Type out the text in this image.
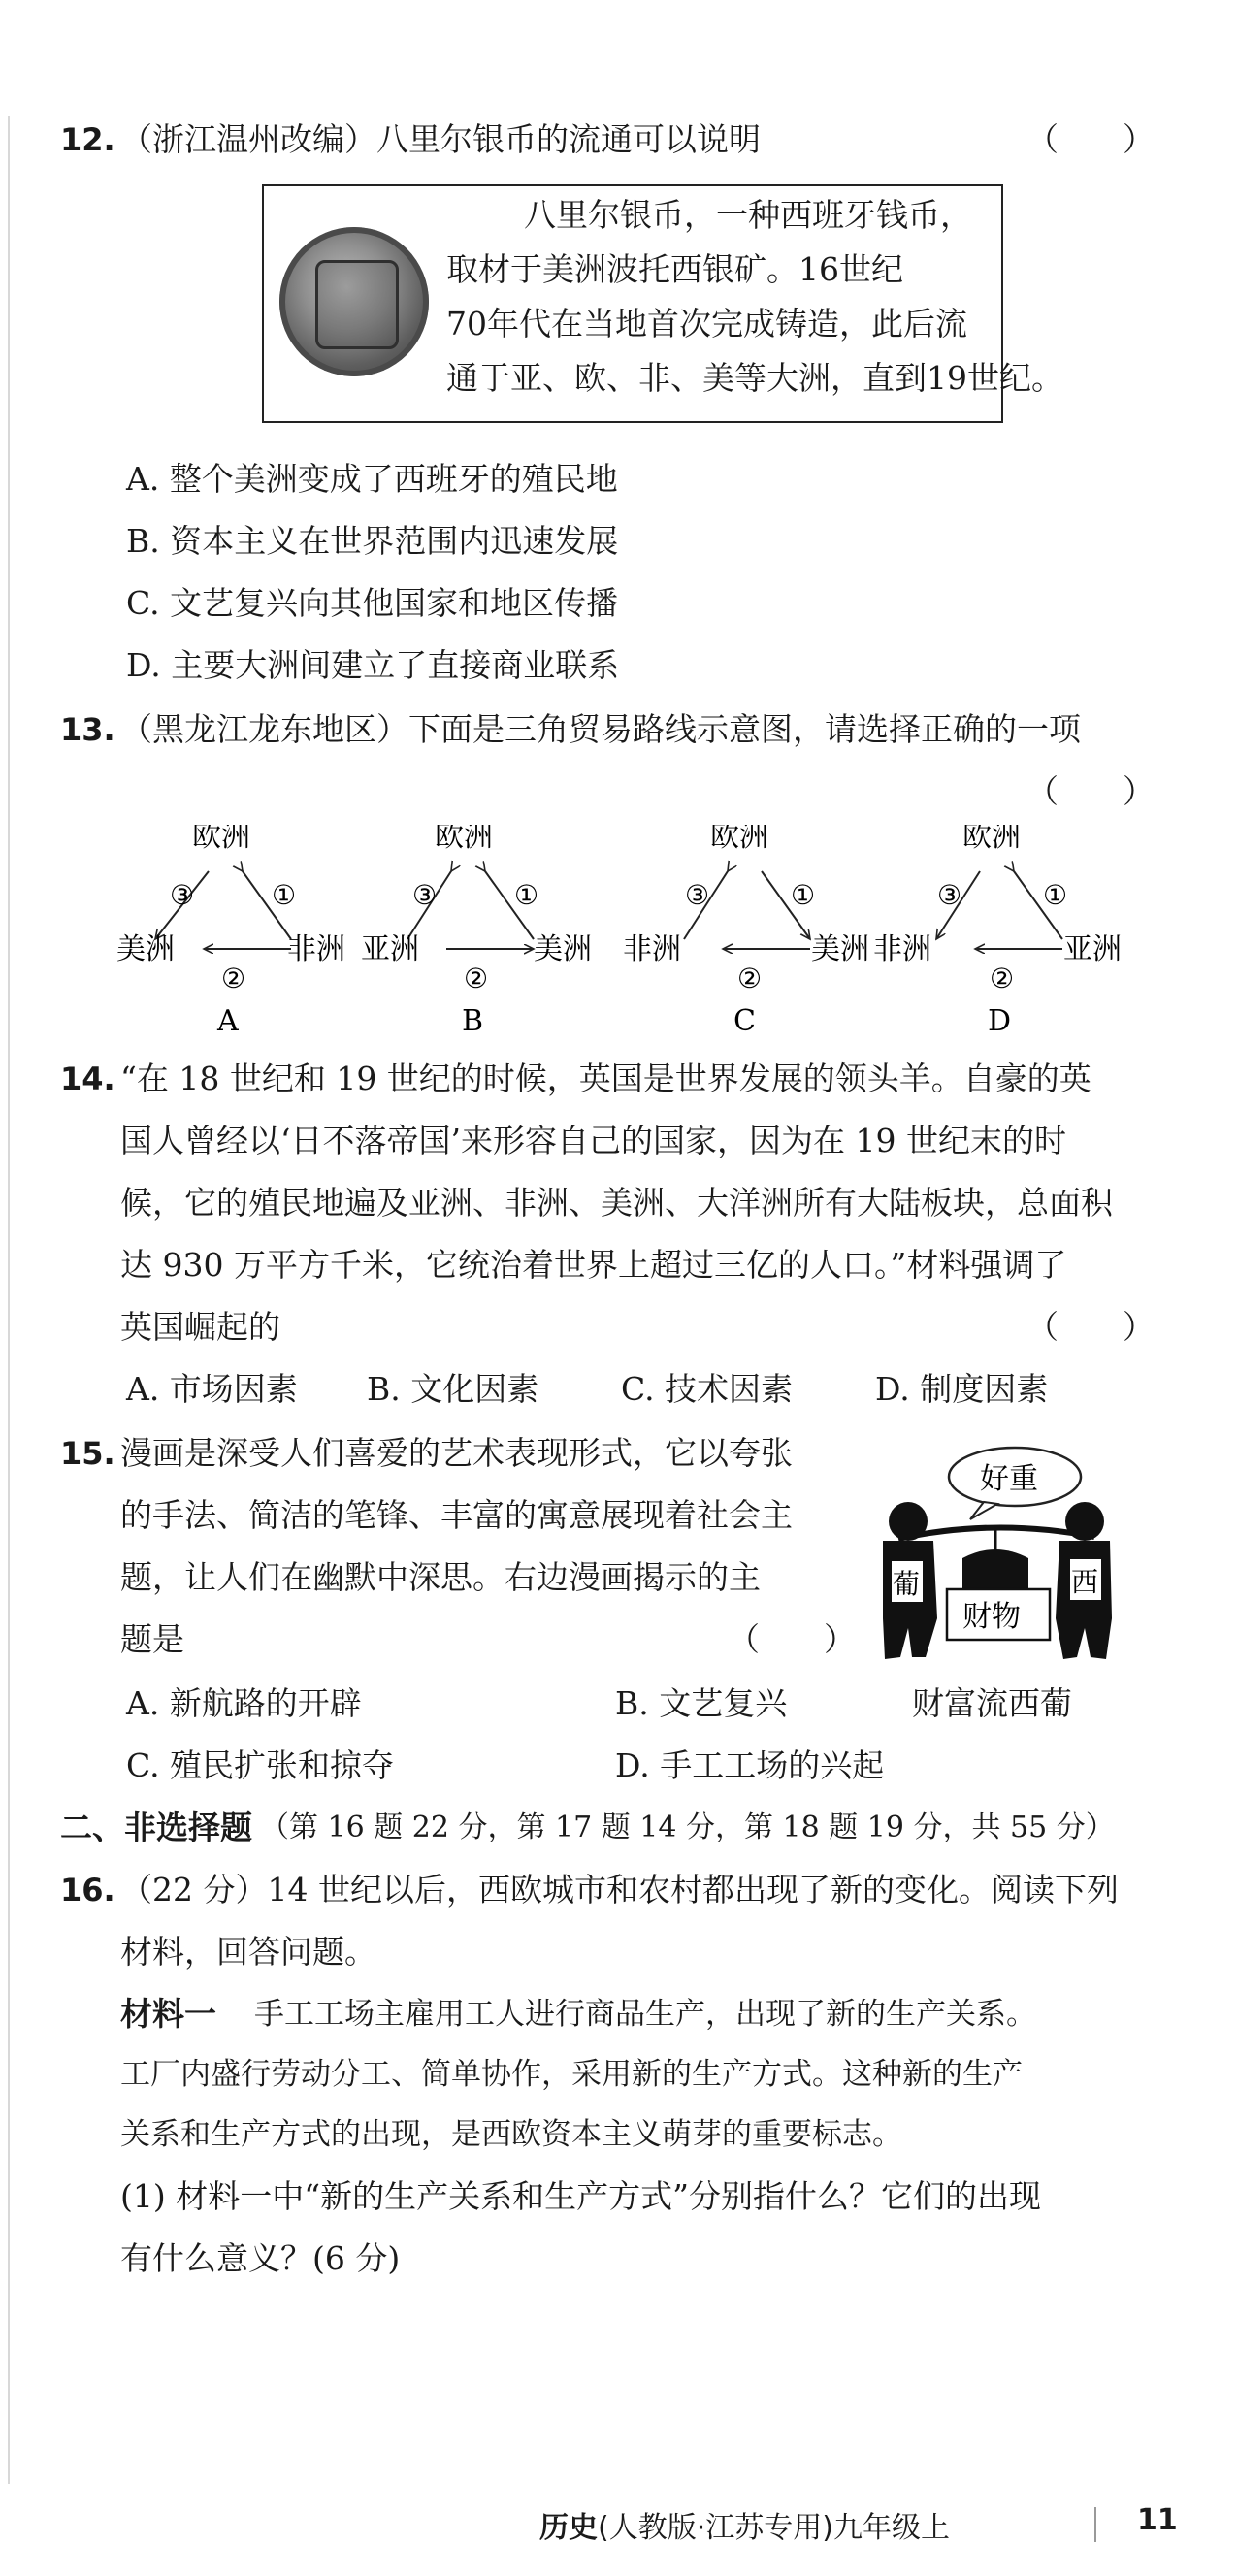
12. （浙江温州改编）八里尔银币的流通可以说明	（　　）
八里尔银币，一种西班牙钱币，
取材于美洲波托西银矿。16世纪
70年代在当地首次完成铸造，此后流
通于亚、欧、非、美等大洲，直到19世纪。
A. 整个美洲变成了西班牙的殖民地
B. 资本主义在世界范围内迅速发展
C. 文艺复兴向其他国家和地区传播
D. 主要大洲间建立了直接商业联系
13. （黑龙江龙东地区）下面是三角贸易路线示意图，请选择正确的一项
（　　）
欧洲
美洲	非洲
③	①
②
A
欧洲
亚洲	美洲
③	①
②
B
欧洲
非洲	美洲
③	①
②
C
欧洲
非洲	亚洲
③	①
②
D
14. “在 18 世纪和 19 世纪的时候，英国是世界发展的领头羊。自豪的英
国人曾经以‘日不落帝国’来形容自己的国家，因为在 19 世纪末的时
候，它的殖民地遍及亚洲、非洲、美洲、大洋洲所有大陆板块，总面积
达 930 万平方千米，它统治着世界上超过三亿的人口。”材料强调了
英国崛起的	（　　）
A. 市场因素 B. 文化因素	C. 技术因素	D. 制度因素
15. 漫画是深受人们喜爱的艺术表现形式，它以夸张
的手法、简洁的笔锋、丰富的寓意展现着社会主
题，让人们在幽默中深思。右边漫画揭示的主
题是	（　　）
好重
葡	西
财物
A. 新航路的开辟	B. 文艺复兴	财富流西葡
C. 殖民扩张和掠夺	D. 手工工场的兴起
二、非选择题 （第 16 题 22 分，第 17 题 14 分，第 18 题 19 分，共 55 分）
16. （22 分）14 世纪以后，西欧城市和农村都出现了新的变化。阅读下列
材料，回答问题。
材料一 手工工场主雇用工人进行商品生产，出现了新的生产关系。
工厂内盛行劳动分工、简单协作，采用新的生产方式。这种新的生产
关系和生产方式的出现，是西欧资本主义萌芽的重要标志。
(1) 材料一中“新的生产关系和生产方式”分别指什么？它们的出现
有什么意义？(6 分)
历史(人教版·江苏专用)九年级上	11
